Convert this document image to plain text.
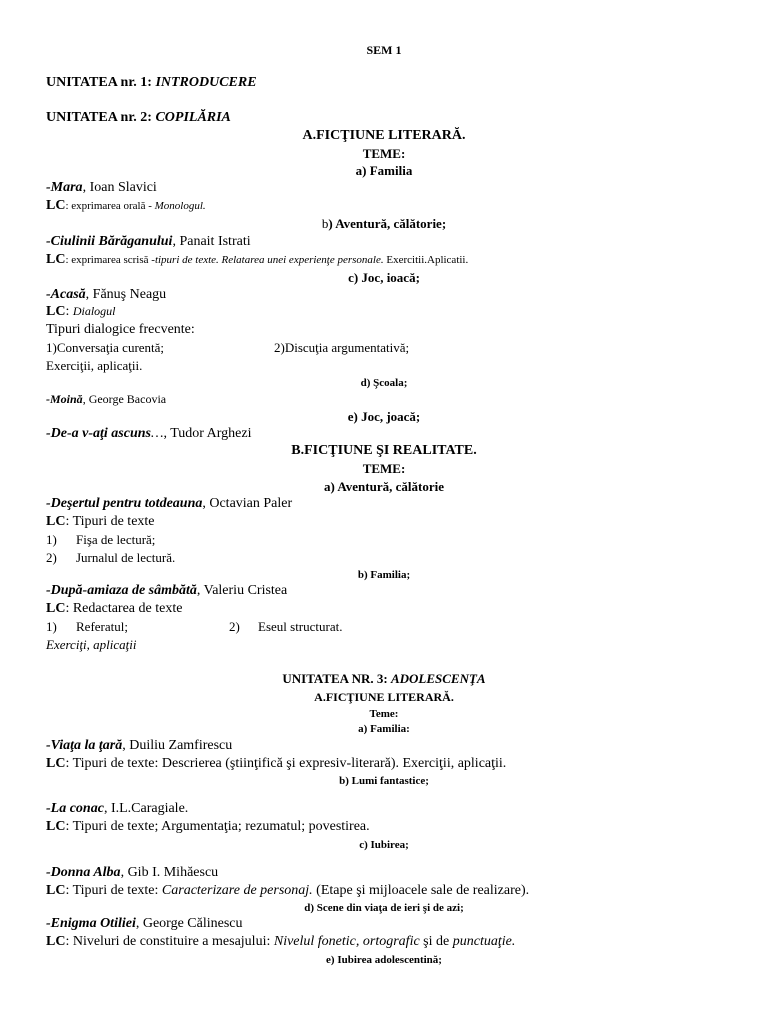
SEM 1
UNITATEA nr. 1: INTRODUCERE
UNITATEA nr. 2: COPILĂRIA
A.FICŢIUNE LITERARĂ.
TEME:
a) Familia
-Mara, Ioan Slavici
LC: exprimarea orală - Monologul.
b) Aventură, călătorie;
-Ciulinii Bărăganului, Panait Istrati
LC: exprimarea scrisă -tipuri de texte. Relatarea unei experienţe personale. Exercitii.Aplicatii.
c) Joc, ioacă;
-Acasă, Fănuş Neagu
LC: Dialogul
Tipuri dialogice frecvente:
1)Conversaţia curentă;	2)Discuţia argumentativă;
Exerciţii, aplicaţii.
d) Şcoala;
-Moină, George Bacovia
e) Joc, joacă;
-De-a v-aţi ascuns…, Tudor Arghezi
B.FICŢIUNE ŞI REALITATE.
TEME:
a) Aventură, călătorie
-Deşertul pentru totdeauna, Octavian Paler
LC: Tipuri de texte
1) Fişa de lectură;
2) Jurnalul de lectură.
b) Familia;
-După-amiaza de sâmbătă, Valeriu Cristea
LC: Redactarea de texte
1) Referatul;	2) Eseul structurat.
Exerciţi, aplicaţii
UNITATEA NR. 3: ADOLESCENŢA
A.FICŢIUNE LITERARĂ.
Teme:
a) Familia:
-Viaţa la ţară, Duiliu Zamfirescu
LC: Tipuri de texte: Descrierea (ştiinţifică şi expresiv-literară). Exerciţii, aplicaţii.
b) Lumi fantastice;
-La conac, I.L.Caragiale.
LC: Tipuri de texte; Argumentaţia; rezumatul; povestirea.
c) Iubirea;
-Donna Alba, Gib I. Mihăescu
LC: Tipuri de texte: Caracterizare de personaj. (Etape şi mijloacele sale de realizare).
d) Scene din viaţa de ieri şi de azi;
-Enigma Otiliei, George Călinescu
LC: Niveluri de constituire a mesajului: Nivelul fonetic, ortografic şi de punctuaţie.
e) Iubirea adolescentină;
